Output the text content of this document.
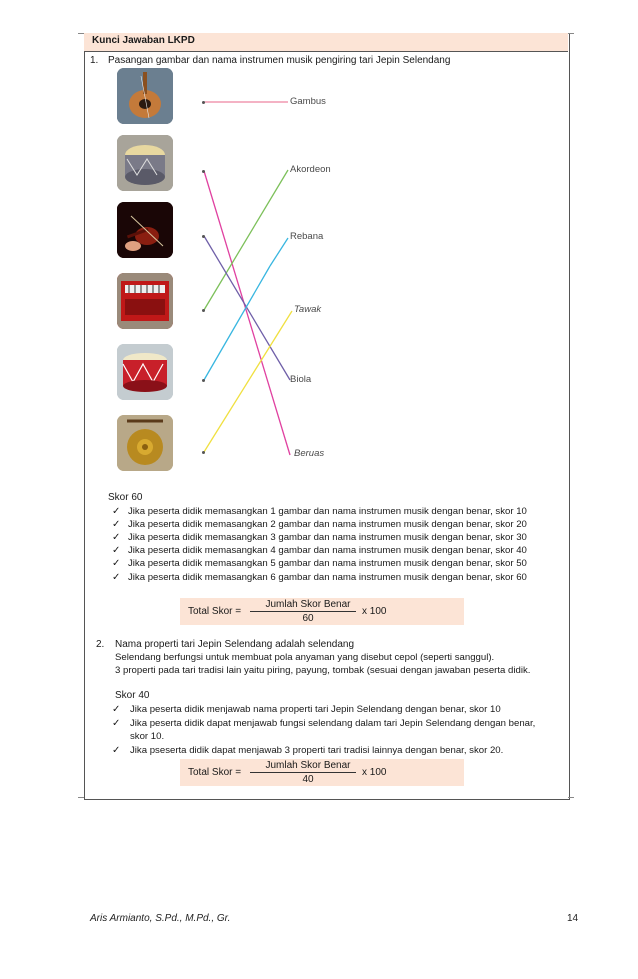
Kunci Jawaban LKPD
1. Pasangan gambar dan nama instrumen musik pengiring tari Jepin Selendang
Gambus
Akordeon
Rebana
Tawak
Biola
Beruas
Skor 60
✓ Jika peserta didik memasangkan 1 gambar dan nama instrumen musik dengan benar, skor 10
✓ Jika peserta didik memasangkan 2 gambar dan nama instrumen musik dengan benar, skor 20
✓ Jika peserta didik memasangkan 3 gambar dan nama instrumen musik dengan benar, skor 30
✓ Jika peserta didik memasangkan 4 gambar dan nama instrumen musik dengan benar, skor 40
✓ Jika peserta didik memasangkan 5 gambar dan nama instrumen musik dengan benar, skor 50
✓ Jika peserta didik memasangkan 6 gambar dan nama instrumen musik dengan benar, skor 60
Total Skor =
Jumlah Skor Benar
60
x 100
2. Nama properti tari Jepin Selendang adalah selendang
Selendang berfungsi untuk membuat pola anyaman yang disebut cepol (seperti sanggul).
3 properti pada tari tradisi lain yaitu piring, payung, tombak (sesuai dengan jawaban peserta didik.
Skor 40
✓ Jika peserta didik menjawab nama properti tari Jepin Selendang dengan benar, skor 10
✓ Jika peserta didik dapat menjawab fungsi selendang dalam tari Jepin Selendang dengan benar,
skor 10.
✓ Jika pseserta didik dapat menjawab 3 properti tari tradisi lainnya dengan benar, skor 20.
Total Skor =
Jumlah Skor Benar
40
x 100
Aris Armianto, S.Pd., M.Pd., Gr.	14
